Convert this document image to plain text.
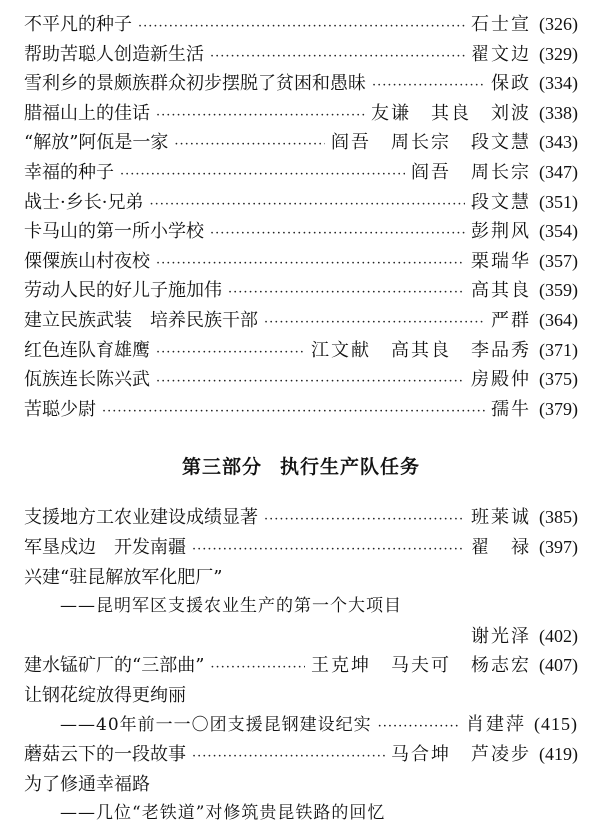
不平凡的种子 ·····	石士宣 (326)
帮助苦聪人创造新生活 ·····	翟文边 (329)
雪利乡的景颇族群众初步摆脱了贫困和愚昧 ·····	保政 (334)
腊福山上的佳话 ·····	友谦　其良　刘波 (338)
“解放”阿佤是一家 ·····	阎吾　周长宗　段文慧 (343)
幸福的种子 ·····	阎吾　周长宗 (347)
战士·乡长·兄弟 ·····	段文慧 (351)
卡马山的第一所小学校 ·····	彭荆风 (354)
傈僳族山村夜校 ·····	栗瑞华 (357)
劳动人民的好儿子施加伟 ·····	高其良 (359)
建立民族武装　培养民族干部 ·····	严群 (364)
红色连队育雄鹰 ·····	江文献　高其良　李品秀 (371)
佤族连长陈兴武 ·····	房殿仲 (375)
苦聪少尉 ·····	孺牛 (379)
第三部分 执行生产队任务
支援地方工农业建设成绩显著 ·····	班莱诚 (385)
军垦戍边　开发南疆 ·····	翟　禄 (397)
兴建“驻昆解放军化肥厂”
——昆明军区支援农业生产的第一个大项目
谢光泽 (402)
建水锰矿厂的“三部曲” ·····	王克坤　马夫可　杨志宏 (407)
让钢花绽放得更绚丽
——40年前一一〇团支援昆钢建设纪实 ·····	肖建萍 (415)
蘑菇云下的一段故事 ·····	马合坤　芦凌步 (419)
为了修通幸福路
——几位“老铁道”对修筑贵昆铁路的回忆
